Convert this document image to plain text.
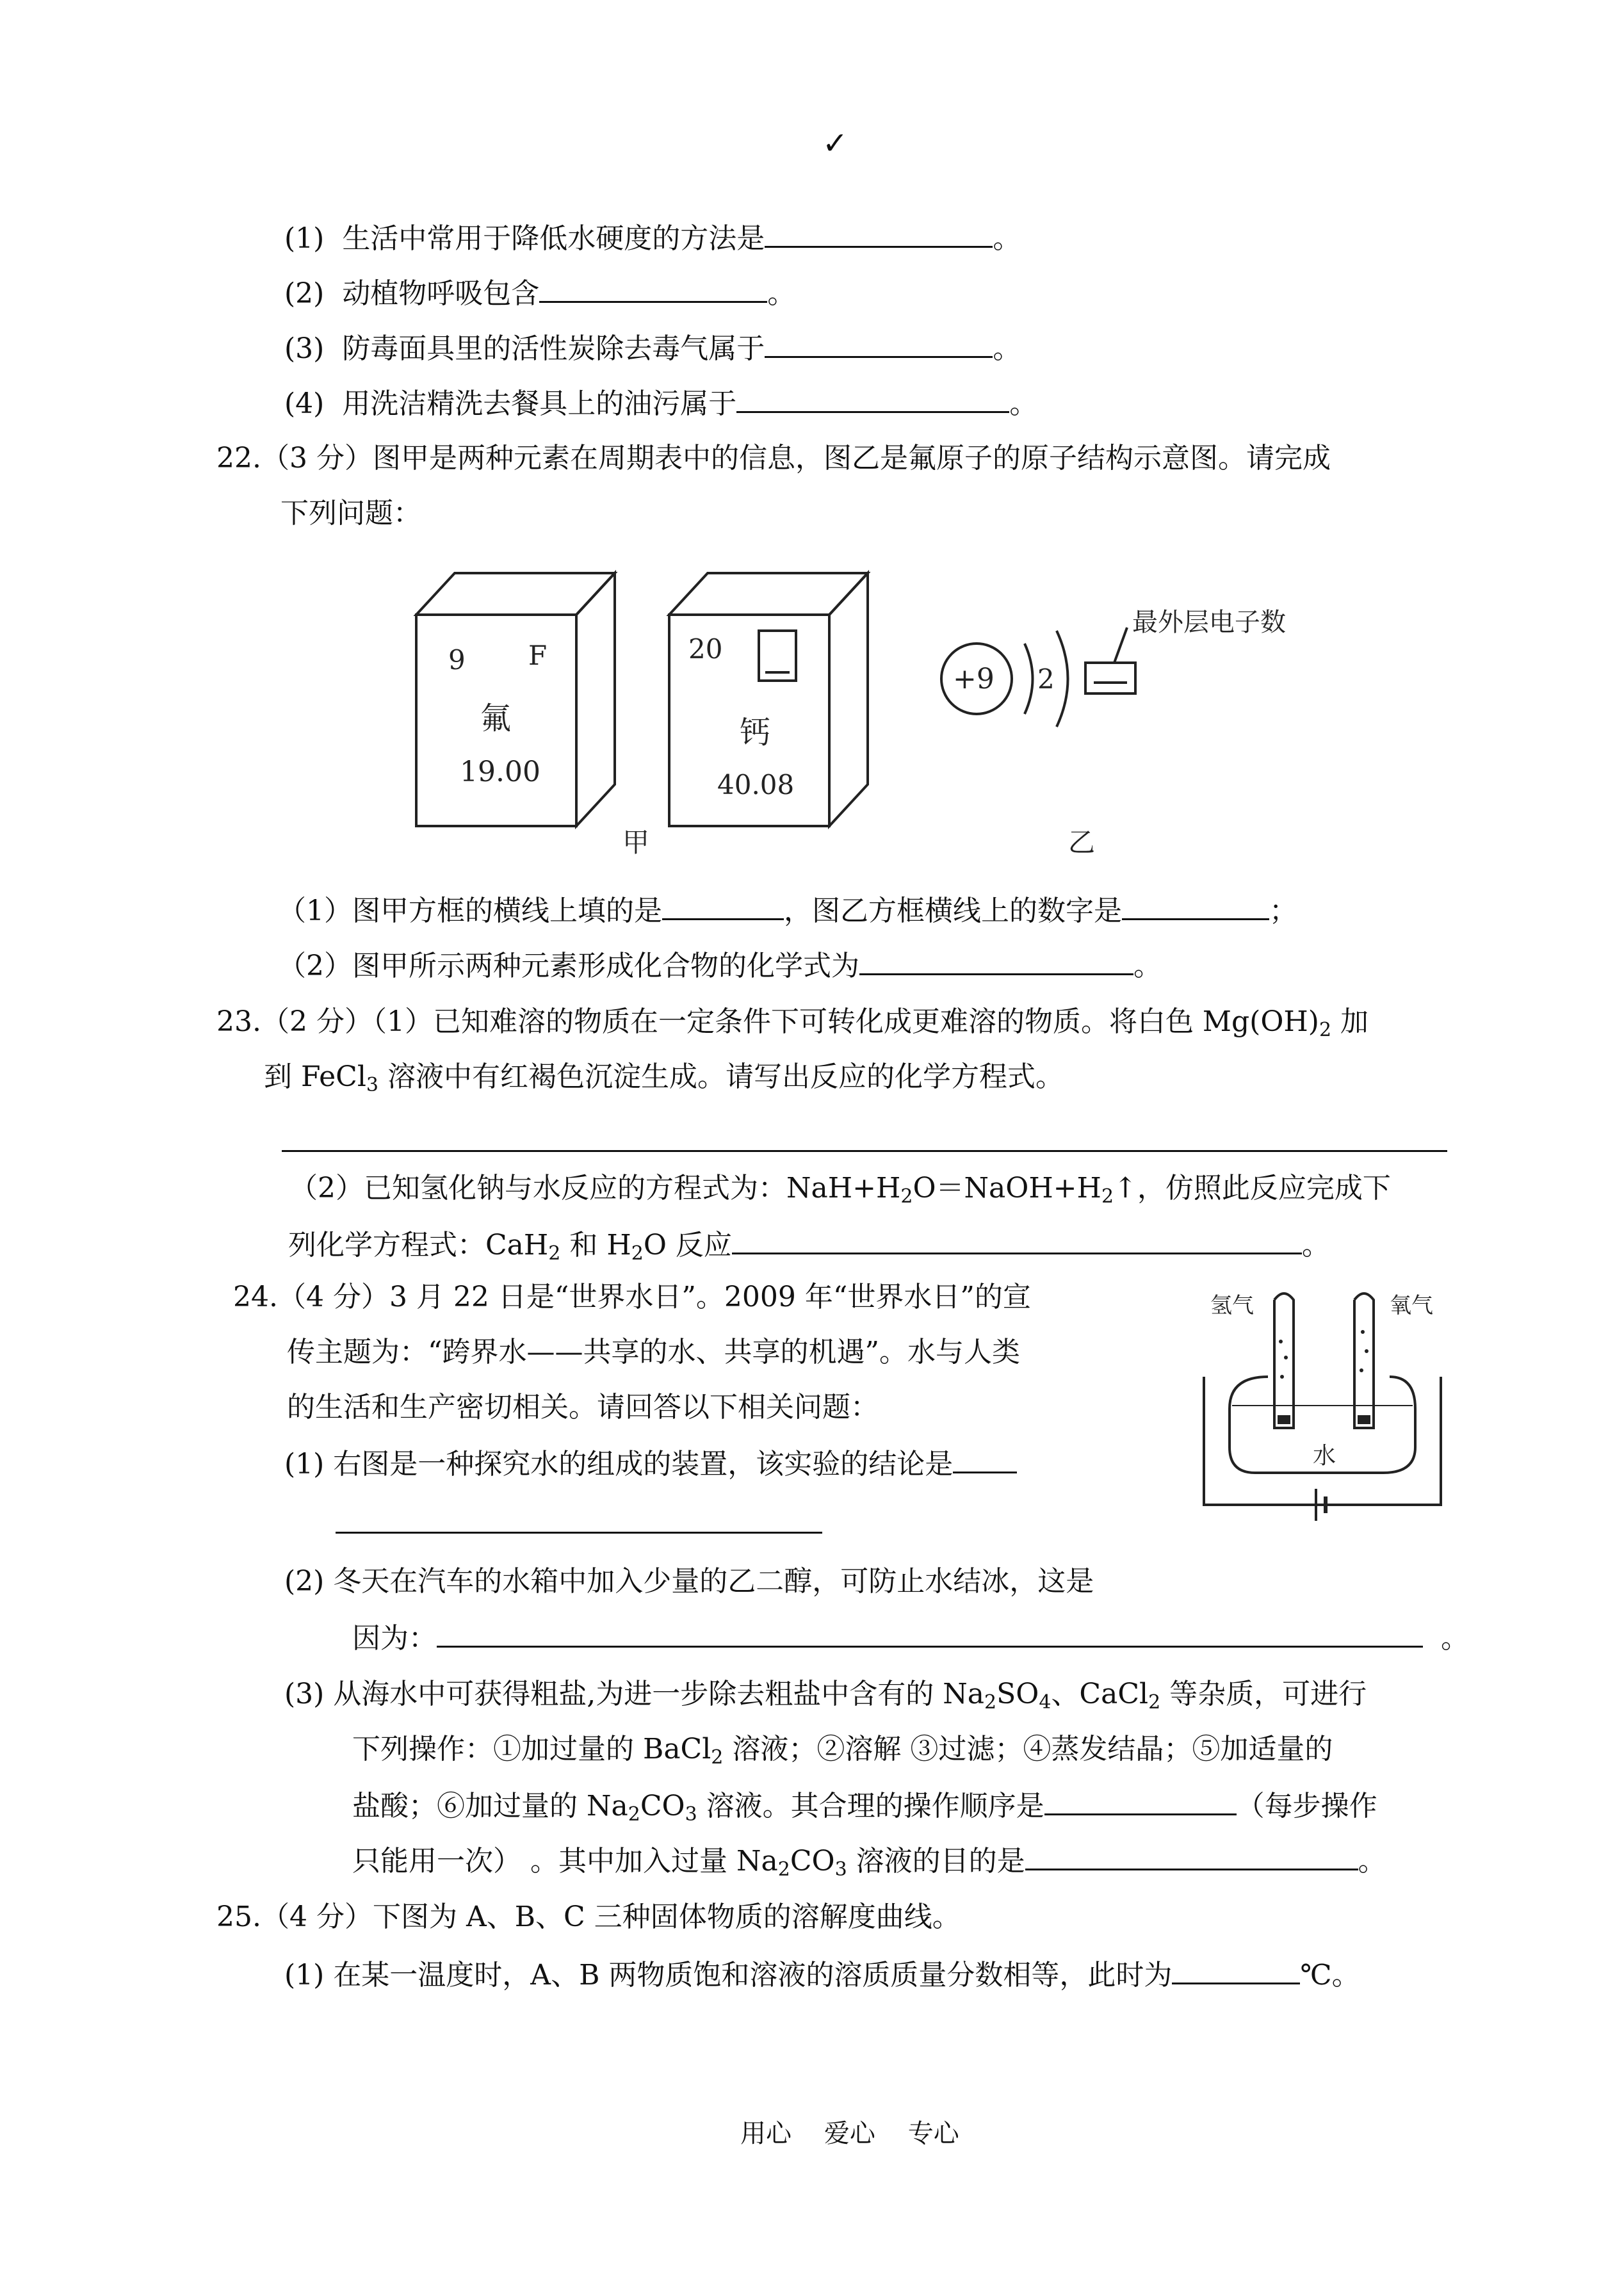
✓
(1) 生活中常用于降低水硬度的方法是	。
(2) 动植物呼吸包含	。
(3) 防毒面具里的活性炭除去毒气属于	。
(4) 用洗洁精洗去餐具上的油污属于	。
22.（3 分）图甲是两种元素在周期表中的信息，图乙是氟原子的原子结构示意图。请完成
下列问题：
9 F
氟
19.00
20
钙
40.08
+9 2
最外层电子数
甲	乙
（1）图甲方框的横线上填的是	，图乙方框横线上的数字是	；
（2）图甲所示两种元素形成化合物的化学式为	。
23.（2 分）（1）已知难溶的物质在一定条件下可转化成更难溶的物质。将白色 $Mg(OH)_2$ 加
到 FeCl$_3$ 溶液中有红褐色沉淀生成。请写出反应的化学方程式。
（2）已知氢化钠与水反应的方程式为：$NaH+H_2O=NaOH+H_2↑$，仿照此反应完成下
列化学方程式：CaH$_2$ 和 $H_2O$ 反应	。
24.（4 分）3 月 22 日是“世界水日”。2009 年“世界水日”的宣
传主题为：“跨界水——共享的水、共享的机遇”。水与人类
的生活和生产密切相关。请回答以下相关问题：
(1) 右图是一种探究水的组成的装置，该实验的结论是
氢气	氧气
水
(2) 冬天在汽车的水箱中加入少量的乙二醇，可防止水结冰，这是
因为：	。
(3) 从海水中可获得粗盐,为进一步除去粗盐中含有的 $Na_2SO_4$、CaCl$_2$ 等杂质，可进行
下列操作：①加过量的 BaCl$_2$ 溶液；②溶解 ③过滤；④蒸发结晶；⑤加适量的
盐酸；⑥加过量的 $Na_2CO_3$ 溶液。其合理的操作顺序是	（每步操作
只能用一次） 。其中加入过量 $Na_2CO_3$ 溶液的目的是	。
25.（4 分）下图为 A、B、C 三种固体物质的溶解度曲线。
(1) 在某一温度时，A、B 两物质饱和溶液的溶质质量分数相等，此时为	℃。
用心    爱心    专心
